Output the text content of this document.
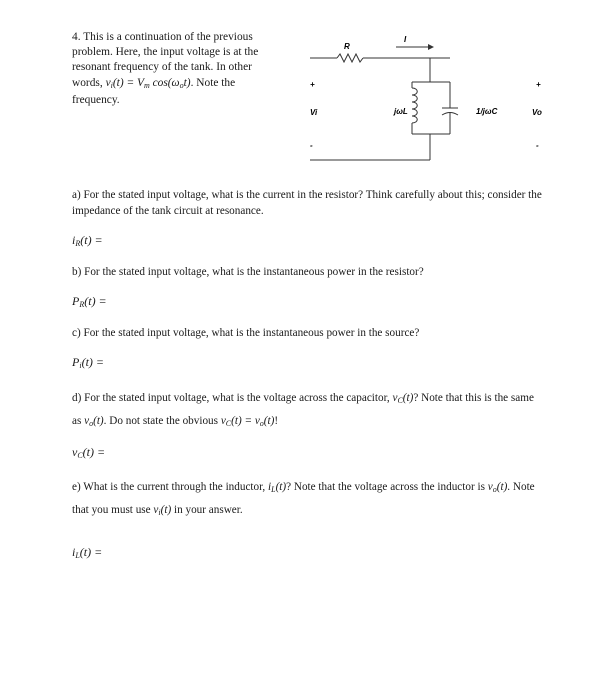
4. This is a continuation of the previous problem. Here, the input voltage is at the resonant frequency of the tank. In other words, vi(t) = Vm cos(ωot). Note the frequency.

R
I
+	+
Vi	Vo
jωL	1/jωC
-	-

a) For the stated input voltage, what is the current in the resistor? Think carefully about this; consider the impedance of the tank circuit at resonance.

$i_R(t)$ =

b) For the stated input voltage, what is the instantaneous power in the resistor?

$P_R(t)$ =

c) For the stated input voltage, what is the instantaneous power in the source?

$P_i(t)$ =

d) For the stated input voltage, what is the voltage across the capacitor, vC(t)? Note that this is the same as vo(t). Do not state the obvious vC(t) = vo(t)!

$v_C(t)$ =

e) What is the current through the inductor, iL(t)? Note that the voltage across the inductor is vo(t). Note that you must use vi(t) in your answer.

$i_L(t)$ =
